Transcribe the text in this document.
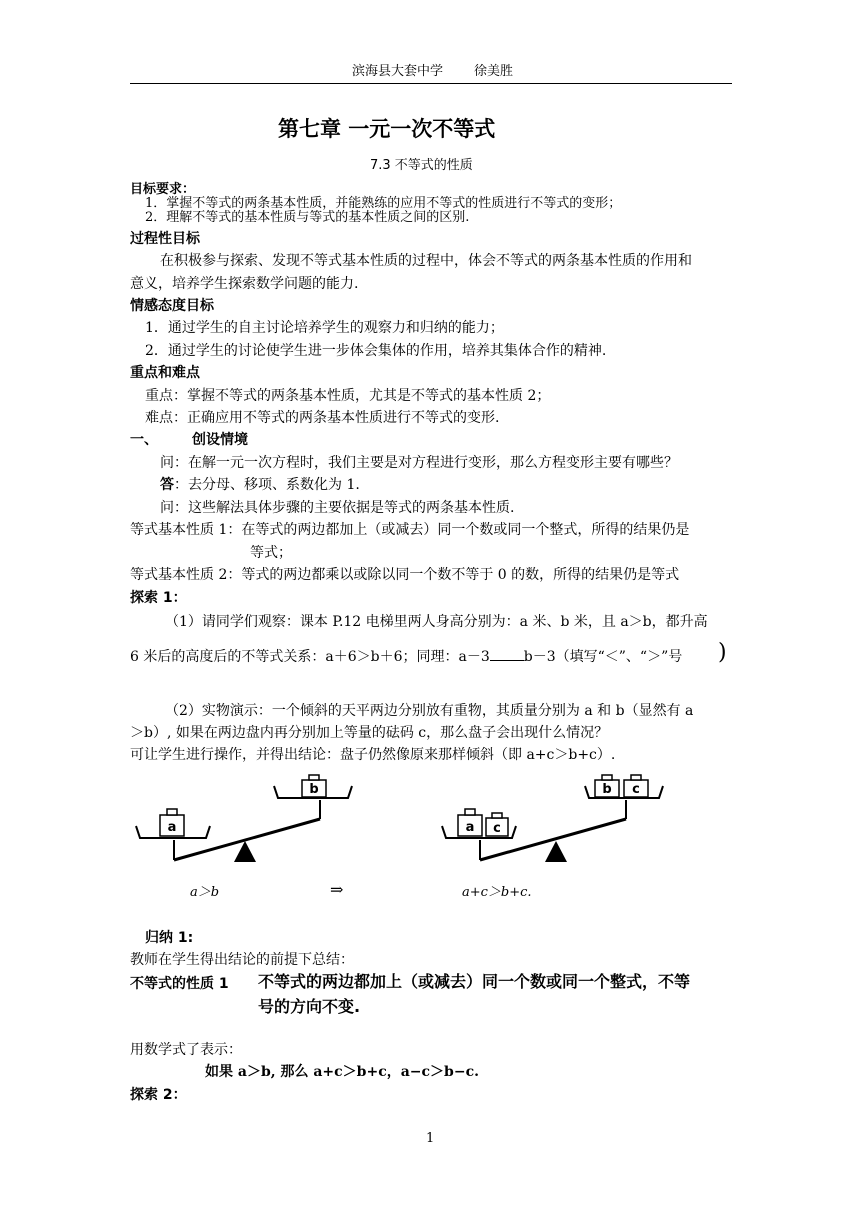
滨海县大套中学 徐美胜
第七章 一元一次不等式
7.3 不等式的性质
目标要求：
1．掌握不等式的两条基本性质，并能熟练的应用不等式的性质进行不等式的变形；
2．理解不等式的基本性质与等式的基本性质之间的区别.
过程性目标
在积极参与探索、发现不等式基本性质的过程中，体会不等式的两条基本性质的作用和
意义，培养学生探索数学问题的能力.
情感态度目标
1．通过学生的自主讨论培养学生的观察力和归纳的能力；
2．通过学生的讨论使学生进一步体会集体的作用，培养其集体合作的精神.
重点和难点
重点：掌握不等式的两条基本性质，尤其是不等式的基本性质 2；
难点：正确应用不等式的两条基本性质进行不等式的变形.
一、 创设情境
问：在解一元一次方程时，我们主要是对方程进行变形，那么方程变形主要有哪些？
答：去分母、移项、系数化为 1.
问：这些解法具体步骤的主要依据是等式的两条基本性质.
等式基本性质 1：在等式的两边都加上（或减去）同一个数或同一个整式，所得的结果仍是
等式；
等式基本性质 2：等式的两边都乘以或除以同一个数不等于 0 的数，所得的结果仍是等式
探索 1：
（1）请同学们观察：课本 P.12 电梯里两人身高分别为：a 米、b 米，且 a＞b，都升高
6 米后的高度后的不等式关系：a＋6＞b＋6；同理：a－3 b－3（填写“＜”、“＞”号 )
（2）实物演示：一个倾斜的天平两边分别放有重物，其质量分别为 a 和 b（显然有 a
＞b）, 如果在两边盘内再分别加上等量的砝码 c，那么盘子会出现什么情况？
可让学生进行操作，并得出结论：盘子仍然像原来那样倾斜（即 a+c＞b+c）.
a
b
a c
b c
a＞b	⇒	a+c＞b+c.
归纳 1:
教师在学生得出结论的前提下总结：
不等式的性质 1 不等式的两边都加上（或减去）同一个数或同一个整式，不等
号的方向不变.
用数学式了表示：
如果 a＞b, 那么 a+c＞b+c，a−c＞b−c.
探索 2：
1
